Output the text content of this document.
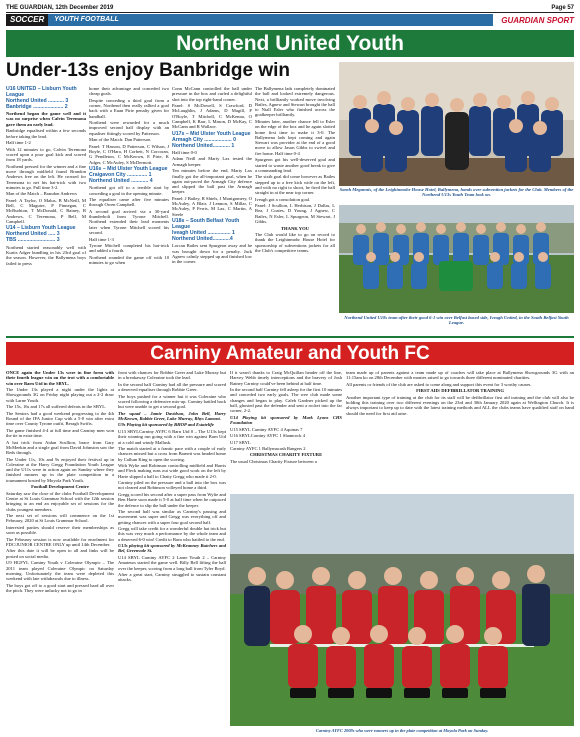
THE GUARDIAN, 12th December 2019	Page 57
SOCCER	YOUTH FOOTBALL	GUARDIAN SPORT
Northend United Youth
Under-13s enjoy Banbridge win

U16 UNITED – Lisburn Youth League
Northend United ........... 3
Banbridge ..................... 2

Northend began the game well and it was no surprise when Calvin Teremona gave them an early lead.

Banbridge equalised within a few seconds before taking the lead.

Half time 1-2

With 12 minutes to go, Calvin Teremona scored upon a poor goal kick and scored from 18 yards.

Northend pressed for the winner and a fine move through midfield found Brandon Andrews free on the left. He crossed for Teremona to net his hat-trick with two minutes to go. Full time 3-2.

Man of the Match – Brandon Andrews

Panel: A Taylor, O Malus, B McNeill, M Bell, C Maguire, P Finnegan, C McBurbton, T McDonald, C Rainey, B Andrews, C Teremona, P Bell, M Campbell.

U14 – Lisburn Youth League
Northend United ..... 3
TBS .......................... 3

Northend started reasonably well with Kurtis Adger bundling in his 23rd goal of the season. However, the Ballymena boys failed to press

home their advantage and conceded two cheap goals.

Despite conceding a third goal from a corner, Northend then really rallied a goal back with a Euan Pirie penalty given for handball.

Northend were rewarded for a much improved second half display with an equaliser fittingly scored by Patterson.

Man of the Match: Dan Patterson

Panel: T Hasson, D Patterson, C Wilson, J Boyle, C O'Hara, H Corbett, N Corcoran, G Pendleton, C McKeown, E Pirie, K Adger, C McAuley, S McDermott.

U16s – Mid Ulster Youth League
Craigavon City .............. 1
Northend United ............ 4

Northend got off to a terrible start by conceding a goal in the opening minute.

The equaliser came after five minutes through Owen Campbell.

A second goal arrived via a 30-yard thunderbolt from Tyrone Mitchell. Northend extended their lead moments later when Tyrone Mitchell scored his second.

Half time 1-3

Tyrone Mitchell completed his hat-trick and added a fourth.

Northend rounded the game off with 10 minutes to go when

Conn McCann controlled the ball under pressure in the box and curled a delightful shot into the top right-hand corner.

Panel: S McDowell, S Crawford, D McLaughlin, J Adams, D Magill, P O'Boyle, T Mitchell, C McKenna, O Campbell, K Barr, L Mason, D McKay, C McCann and R Wallace.

U17s – Mid Ulster Youth League
Armagh City ................... 0
Northend United............ 1

Half time 0-0

Adam Neill and Marty Lax tested the Armagh keeper.

Ten minutes before the end, Marty Lax finally got the all-important goal, when he again out-paced the Armagh City defence and slipped the ball past the Armagh keeper.

Panel: J Bailey, R Shiels, J Montgomery, O McAuley, A Blair, J Lennon, S Millar, C McAuley, P Ferris, M Lax, C Martin, A Steele

U18s – South Belfast Youth League
Iveagh United ................ 1
Northend United............4

Lorcan Bailes sent Spurgeon away and he was brought down for a penalty. Jack Agnew calmly stepped up and finished low in the corner.

The Ballymena lads completely dominated the ball and looked extremely dangerous. Next, a brilliantly worked move involving Bailes, Agnew and Stewart brought the ball to Niall Esler who finished across the goalkeeper brilliantly.

Minutes later, another chance fell to Esler on the edge of the box and he again slotted home first time to make it 3-0. The Ballymena lads kept coming and again Stewart was provider at the end of a good move to allow Jason Gibbs to swivel and fire home. Half time 0-4

Spurgeon got his well-deserved goal and started to waste another good break to give a commanding lead.

The sixth goal did come however as Bailes stepped up to a free kick wide on the left, and with no right to shoot, he fired the ball straight in at the near top corner.

Iveagh got a consolation goal.

Panel: J Scullion, L Herbison, J Dallas, L Rea, J Coates, D Young, J Agnew, C Bailes, N Esler, L Spurgeon, M Stewart, J Gibbs.

THANK YOU

The Club would like to go on record to thank the Leighinmohr House Hotel for sponsorship of subventions jackets for all the Club's competitive teams.

Sarah Megannis, of the Leighinmohr House Hotel, Ballymena, hands over subvention jackets for the Club. Members of the Northend U13s Youth Team look on.
Northend United U18s team after their good 6-1 win over Belfast based side, Iveagh United, in the South Belfast Youth League.
Carniny Amateur and Youth FC

ONCE again the Under 13s were in fine form with their fourth league win on the trot with a comfortable win over Barn Utd in the SBYL.

The Under 13s played a night under the lights at Showgrounds 3G on Friday night playing out a 2-2 draw with Larne Youth.

The 15s, 16s and 17s all suffered defeats in the SBYL.

The Seniors had a good weekend progressing to the 4th Round of the IFA Junior Cup with a 5-0 win after extra time over County Tyrone outfit, Beragh Swifts.

The game finished 4-4 at full time and Carniny men won the tie in extra time.

A hat trick from Aidan Scullion, brace from Gary McMeekin and a single goal from David Johnston saw the Reds through.

The Under 11s, 10s and 9s enjoyed their festival up in Coleraine at the Harry Gregg Foundation Youth League and the U11s were in action again on Sunday where they finished runners up in the plate competition in a tournament hosted by Moyola Park Youth.

Football Development Centre

Saturday saw the close of the clubs Football Development Centre at St Louis Grammar School with the 12th session bringing to an end an enjoyable set of sessions for the clubs youngest members.

The next set of sessions will commence on the 1st February, 2020 at St Louis Grammar School.

Interested parties should reserve their memberships as soon as possible.

The February session is now available for enrolment for FDC/JUNIOR CENTRE ONLY up until 14th December.

After this date it will be open to all and links will be posted on social media.

U9 HGFYL Carniny Youth v Coleraine Olympic – The 2011 team played Coleraine Olympic on Saturday morning. Unfortunately the team were depleted this weekend with late withdrawals due to illness.

The boys got off to a good start and pressed hard all over the pitch. They were unlucky not to go in

front with chances for Robbie Greer and Luke Murray but in a breakaway Coleraine took the lead.

In the second half Carniny had all the pressure and scored a deserved equaliser through Robbie Greer.

The boys pushed for a winner but it was Coleraine who scored following a defensive mix-up. Carniny battled back but were unable to get a second goal.

The squad – Jamie Davidson, John Bell, Harry McKeown, Robbie Greer, Luke Murray, Rhys Lamont.

U9s Playing kit sponsored by BHOP and Estatelife

U13 SBYLCarniny AYFC 6 Barn Utd 0 – The U13s kept their winning run going with a fine win against Barn Utd at a cold and windy Mallusk.

The match started at a frantic pace with a couple of early chances missed but a cross from Barnett was headed home by Callum King to open the scoring.

With Wylie and Robinson controlling midfield and Harris and Fleck making runs out wide good work on the left by Harte slipped a ball to Chaity Gregg who made it 2-0.

Carniny piled on the pressure and a ball into the box was not cleared and Robinson volleyed home a third.

Gregg scored his second after a super pass from Wylie and Ben Harte soon made it 5-0 at half time when he outpaced the defence to slip the ball under the keeper.

The second half was similar as Carniny's passing and movement was super and Gregg was everything off and getting chances with a super four goal second half.

Gregg will take credit for a wonderful double hat trick but this was very much a performance by the whole team and a deserved 6-0 win! Credit to Barn who battled to the end.

U13s playing kit sponsored by McKeanney Butchers and Bel, Greenvale St.

U14 SBYL Carniny AYFC 2 Larne Youth 2 – Carniny Amateurs started the game well. Billy Bell lifting the ball over the keeper, scoring from a long ball from Tyler Boyd.

After a great start, Carniny struggled to sustain constant attacks.

If it wasn't thanks to Craig McQuillan header off the line, Harvey Webb timely interceptions and the bravery of Josh Rainey Carniny could've been behind at half time.

In the second half Carniny fell asleep for the first 10 minutes and conceded two early goals. The wee club made some changes and began to play. Caleb Gardner picked up the ball, ghosted past the defender and sent a rocket into the far corner, 2-2.

U14 Playing kit sponsored by Mark Lyons CHS Foundation

U15 SBYL Carniny AYFC 4 Aquinas 7

U16 SBYLCarniny AYFC 1 Shamrock 4

U17 SBYL

Carniny AYFC 1 Ballymacash Rangers 2

CHRISTMAS CHARITY FIXTURE

The usual Christmas Charity Fixture between a

team made up of parents against a team made up of coaches will take place at Ballymena Showgrounds 3G with an 11:15am ko on 28th December with monies raised to go towards three different nominated charities.

All parents or friends of the club are asked to come along and support this event for 3 worthy causes.

FIRST AID/ DEFIBRILLATOR TRAINING

Another important type of training at the club for its staff will be defibrillator first aid training and the club will also be holding this training over two different evenings on the 23rd and 30th January 2020 again at Wellington Church. It is always important to keep up to date with the latest training methods and ALL the clubs teams have qualified staff on hand should the need for first aid arise.

Carniny AYFC 2009s who were runners up in the plate competition at Moyola Park on Sunday.
